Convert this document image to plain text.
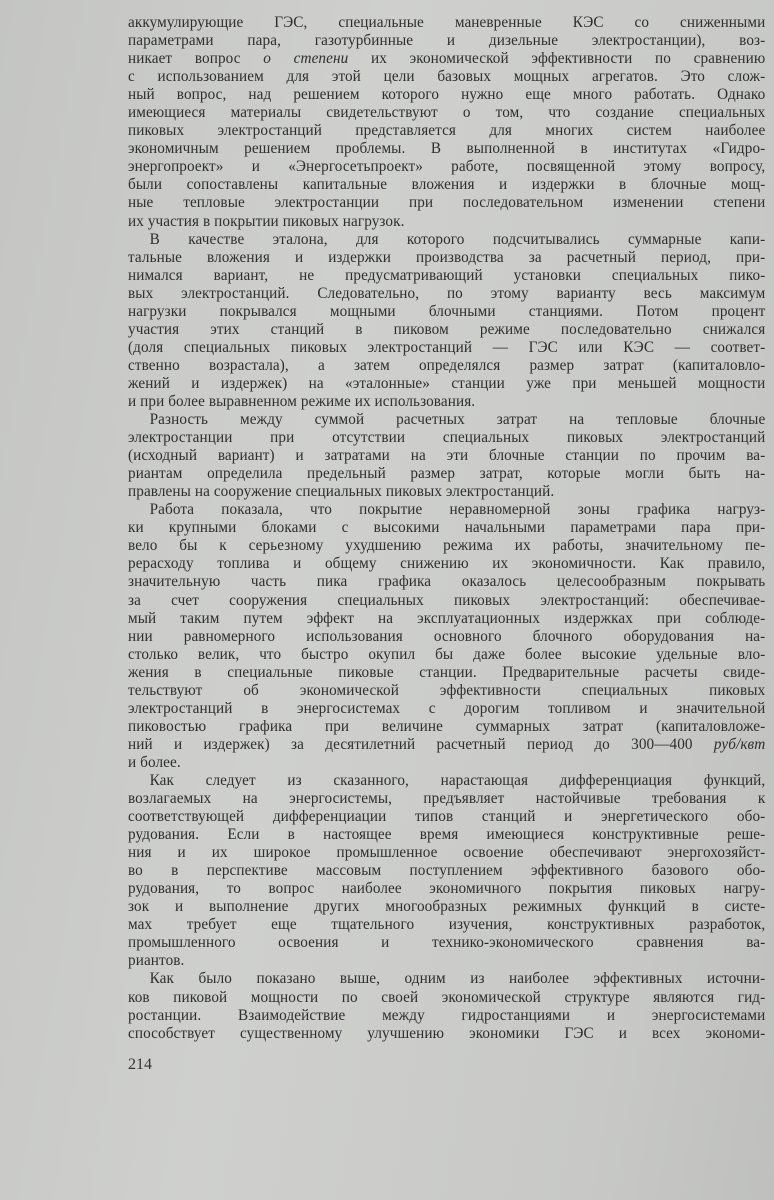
аккумулирующие ГЭС, специальные маневренные КЭС со сниженными
параметрами пара, газотурбинные и дизельные электростанции), воз-
никает вопрос о степени их экономической эффективности по сравнению
с использованием для этой цели базовых мощных агрегатов. Это слож-
ный вопрос, над решением которого нужно еще много работать. Однако
имеющиеся материалы свидетельствуют о том, что создание специальных
пиковых электростанций представляется для многих систем наиболее
экономичным решением проблемы. В выполненной в институтах «Гидро-
энергопроект» и «Энергосетьпроект» работе, посвященной этому вопросу,
были сопоставлены капитальные вложения и издержки в блочные мощ-
ные тепловые электростанции при последовательном изменении степени
их участия в покрытии пиковых нагрузок.
В качестве эталона, для которого подсчитывались суммарные капи-
тальные вложения и издержки производства за расчетный период, при-
нимался вариант, не предусматривающий установки специальных пико-
вых электростанций. Следовательно, по этому варианту весь максимум
нагрузки покрывался мощными блочными станциями. Потом процент
участия этих станций в пиковом режиме последовательно снижался
(доля специальных пиковых электростанций — ГЭС или КЭС — соответ-
ственно возрастала), а затем определялся размер затрат (капиталовло-
жений и издержек) на «эталонные» станции уже при меньшей мощности
и при более выравненном режиме их использования.
Разность между суммой расчетных затрат на тепловые блочные
электростанции при отсутствии специальных пиковых электростанций
(исходный вариант) и затратами на эти блочные станции по прочим ва-
риантам определила предельный размер затрат, которые могли быть на-
правлены на сооружение специальных пиковых электростанций.
Работа показала, что покрытие неравномерной зоны графика нагруз-
ки крупными блоками с высокими начальными параметрами пара при-
вело бы к серьезному ухудшению режима их работы, значительному пе-
рерасходу топлива и общему снижению их экономичности. Как правило,
значительную часть пика графика оказалось целесообразным покрывать
за счет сооружения специальных пиковых электростанций: обеспечивае-
мый таким путем эффект на эксплуатационных издержках при соблюде-
нии равномерного использования основного блочного оборудования на-
столько велик, что быстро окупил бы даже более высокие удельные вло-
жения в специальные пиковые станции. Предварительные расчеты свиде-
тельствуют об экономической эффективности специальных пиковых
электростанций в энергосистемах с дорогим топливом и значительной
пиковостью графика при величине суммарных затрат (капиталовложе-
ний и издержек) за десятилетний расчетный период до 300—400 руб/квт
и более.
Как следует из сказанного, нарастающая дифференциация функций,
возлагаемых на энергосистемы, предъявляет настойчивые требования к
соответствующей дифференциации типов станций и энергетического обо-
рудования. Если в настоящее время имеющиеся конструктивные реше-
ния и их широкое промышленное освоение обеспечивают энергохозяйст-
во в перспективе массовым поступлением эффективного базового обо-
рудования, то вопрос наиболее экономичного покрытия пиковых нагру-
зок и выполнение других многообразных режимных функций в систе-
мах требует еще тщательного изучения, конструктивных разработок,
промышленного освоения и технико-экономического сравнения ва-
риантов.
Как было показано выше, одним из наиболее эффективных источни-
ков пиковой мощности по своей экономической структуре являются гид-
ростанции. Взаимодействие между гидростанциями и энергосистемами
способствует существенному улучшению экономики ГЭС и всех экономи-
214
